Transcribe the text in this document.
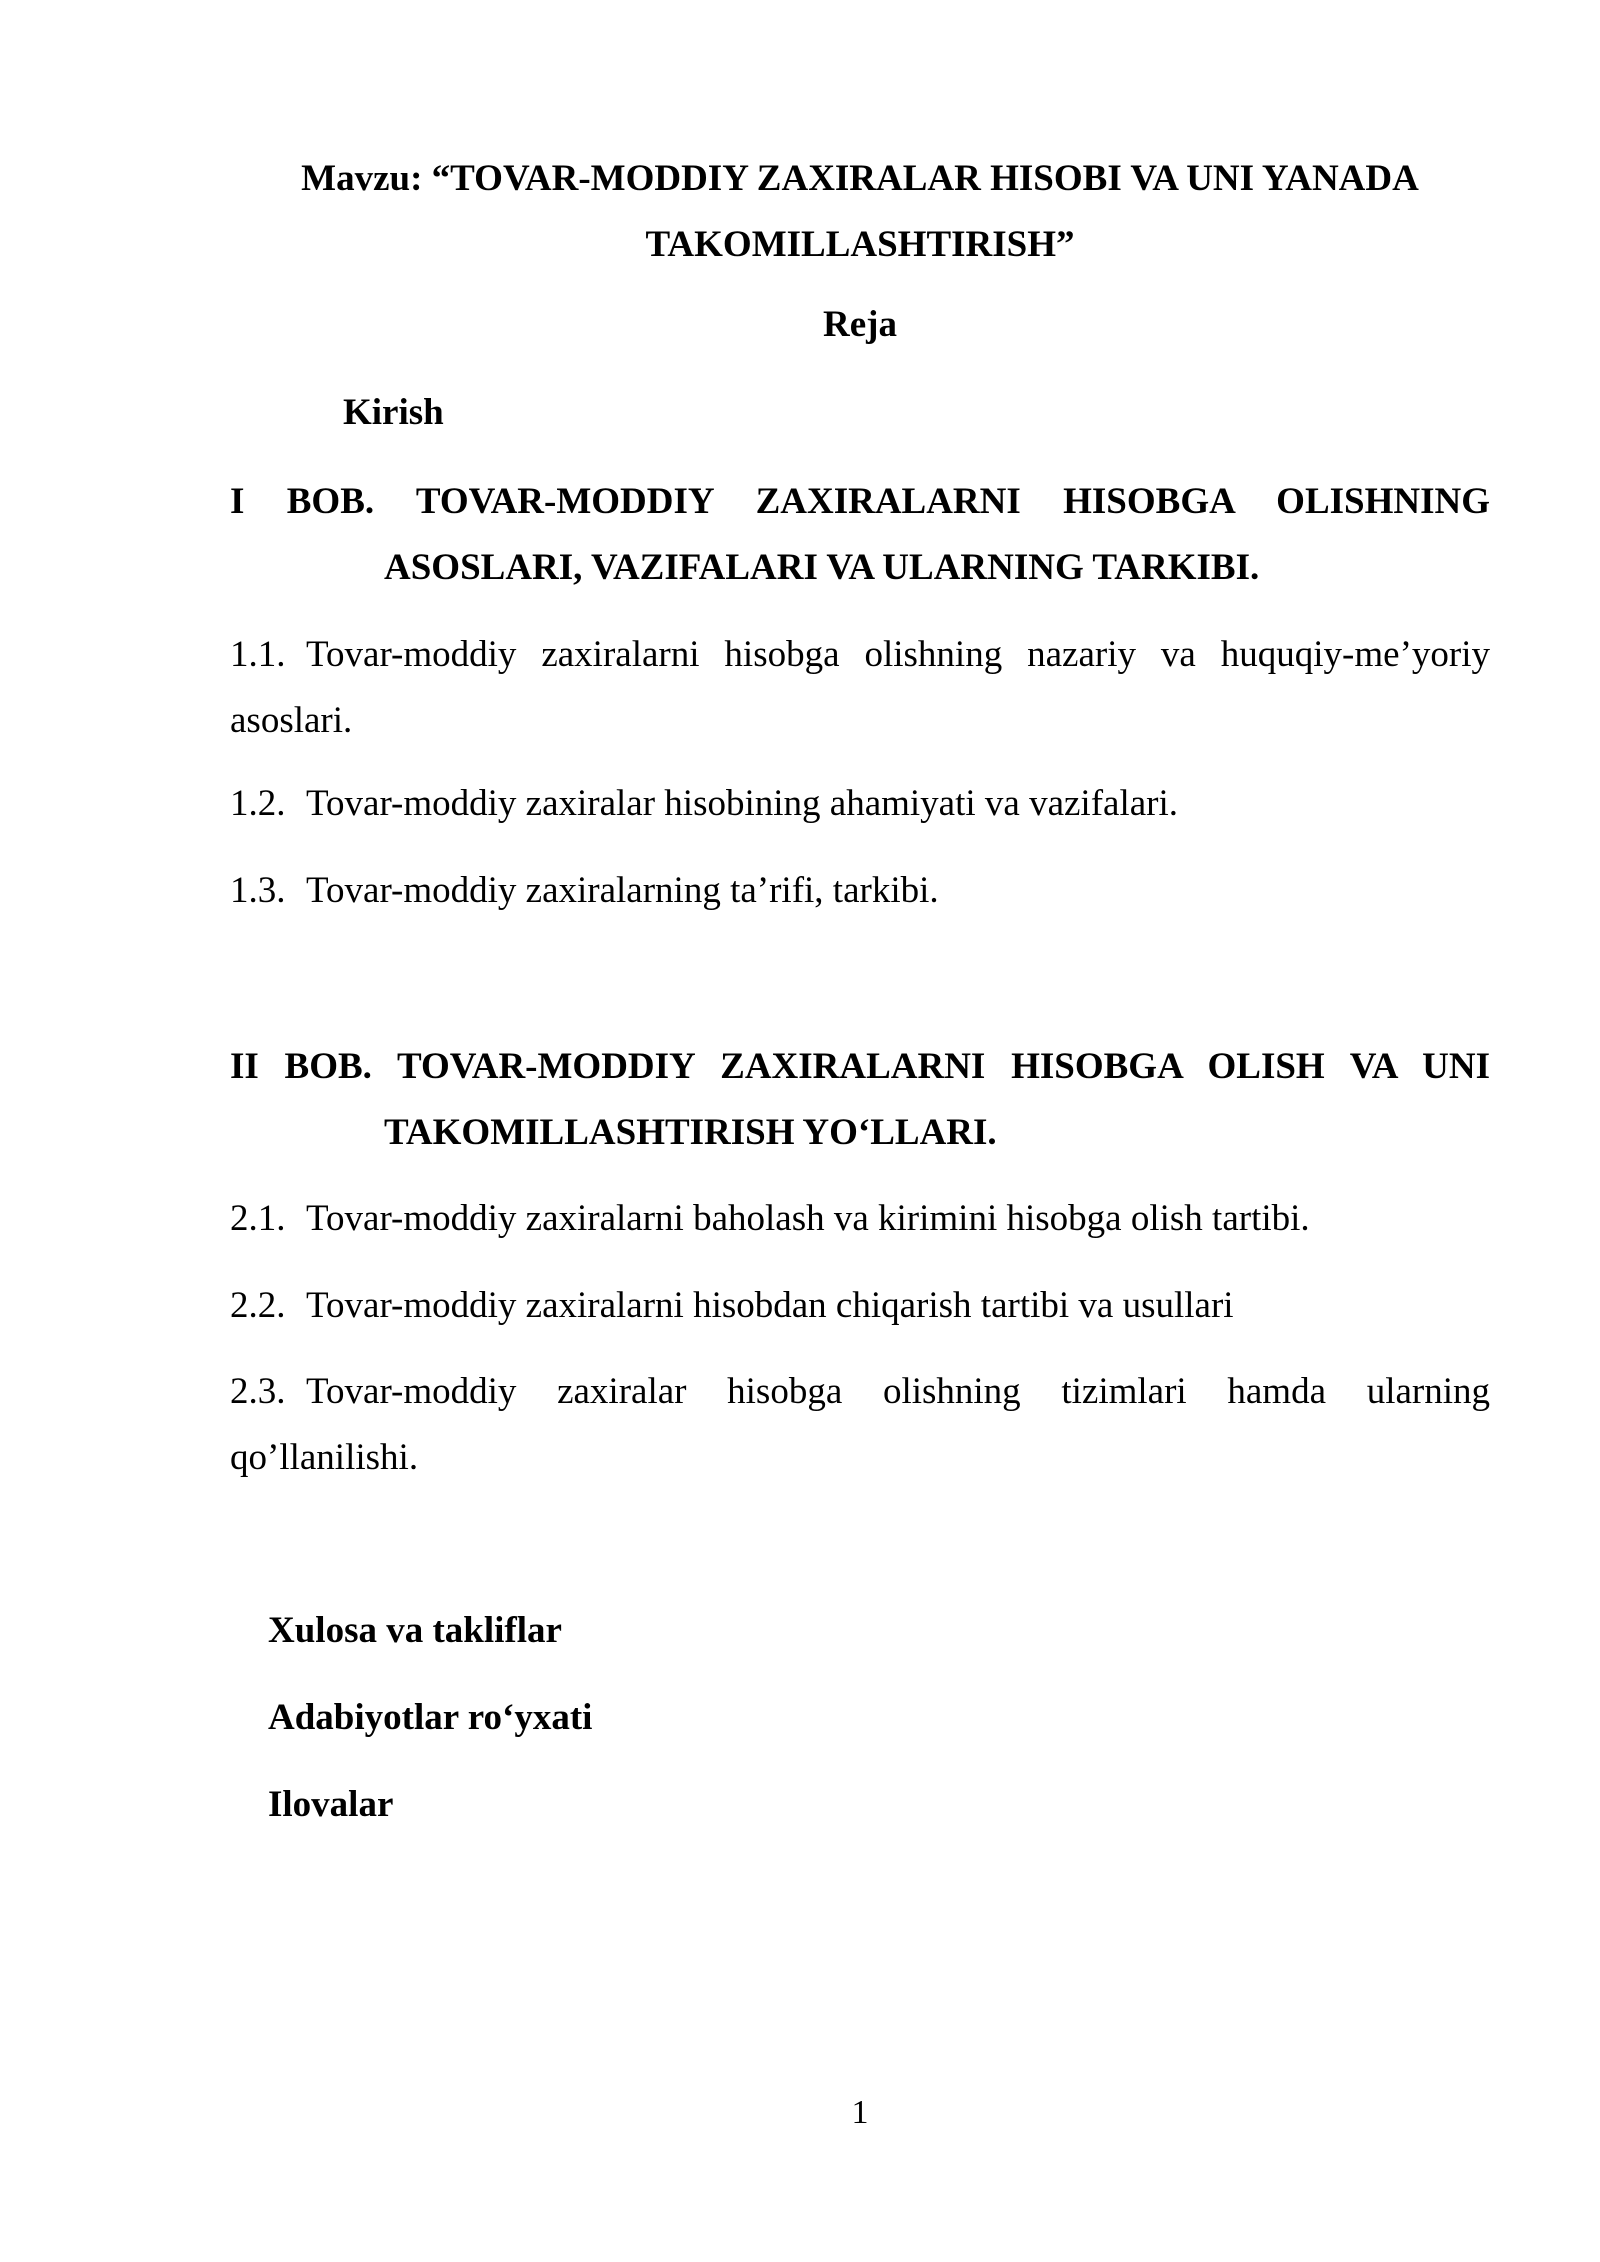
Mavzu: “TOVAR-MODDIY ZAXIRALAR HISOBI VA UNI YANADA
TAKOMILLASHTIRISH”
Reja
Kirish
I BOB. TOVAR-MODDIY ZAXIRALARNI HISOBGA OLISHNING
ASOSLARI, VAZIFALARI VA ULARNING TARKIBI.
1.1. Tovar-moddiy zaxiralarni hisobga olishning nazariy va huquqiy-me’yoriy
asoslari.
1.2. Tovar-moddiy zaxiralar hisobining ahamiyati va vazifalari.
1.3. Tovar-moddiy zaxiralarning ta’rifi, tarkibi.
II BOB. TOVAR-MODDIY ZAXIRALARNI HISOBGA OLISH VA UNI
TAKOMILLASHTIRISH YO‘LLARI.
2.1. Tovar-moddiy zaxiralarni baholash va kirimini hisobga olish tartibi.
2.2. Tovar-moddiy zaxiralarni hisobdan chiqarish tartibi va usullari
2.3. Tovar-moddiy zaxiralar hisobga olishning tizimlari hamda ularning
qo’llanilishi.
Xulosa va takliflar
Adabiyotlar ro‘yxati
Ilovalar
1
